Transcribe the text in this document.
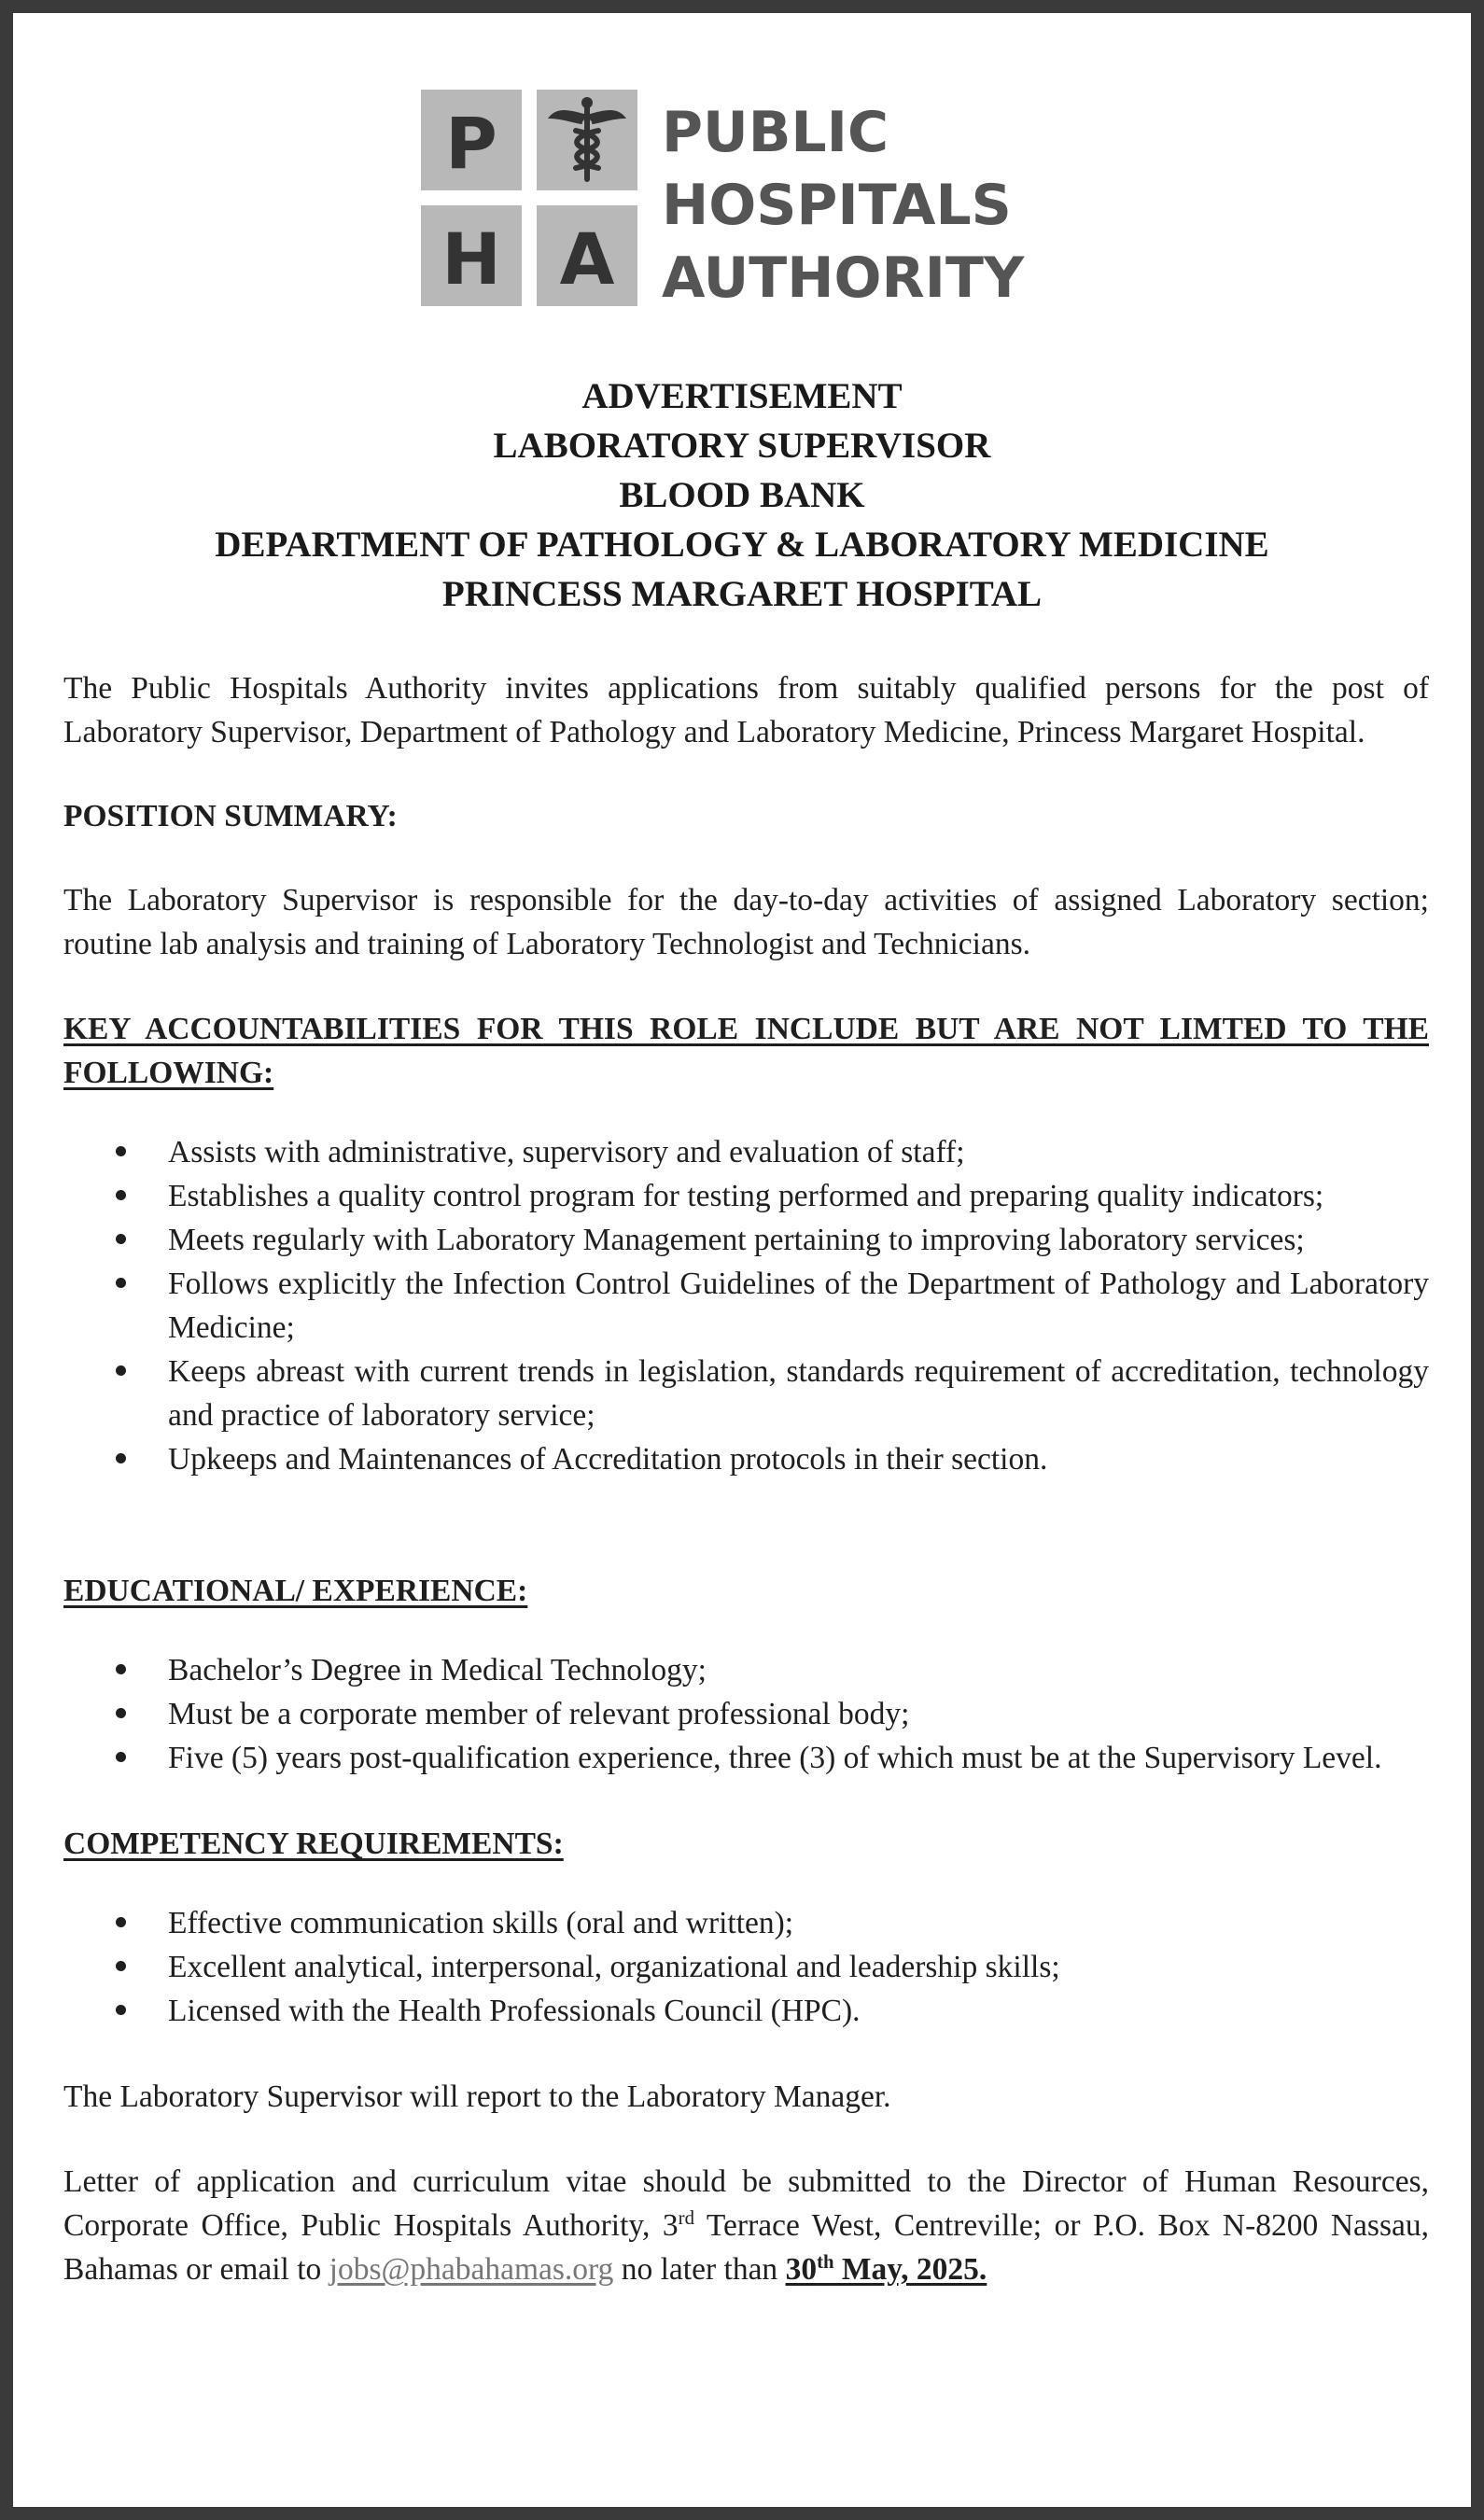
P
H A
PUBLIC
HOSPITALS
AUTHORITY
ADVERTISEMENT
LABORATORY SUPERVISOR
BLOOD BANK
DEPARTMENT OF PATHOLOGY & LABORATORY MEDICINE
PRINCESS MARGARET HOSPITAL

The Public Hospitals Authority invites applications from suitably qualified persons for the post of Laboratory Supervisor, Department of Pathology and Laboratory Medicine, Princess Margaret Hospital.

POSITION SUMMARY:

The Laboratory Supervisor is responsible for the day-to-day activities of assigned Laboratory section; routine lab analysis and training of Laboratory Technologist and Technicians.

KEY ACCOUNTABILITIES FOR THIS ROLE INCLUDE BUT ARE NOT LIMTED TO THE FOLLOWING:

Assists with administrative, supervisory and evaluation of staff;
Establishes a quality control program for testing performed and preparing quality indicators;
Meets regularly with Laboratory Management pertaining to improving laboratory services;
Follows explicitly the Infection Control Guidelines of the Department of Pathology and Laboratory Medicine;
Keeps abreast with current trends in legislation, standards requirement of accreditation, technology and practice of laboratory service;
Upkeeps and Maintenances of Accreditation protocols in their section.

EDUCATIONAL/ EXPERIENCE:

Bachelor’s Degree in Medical Technology;
Must be a corporate member of relevant professional body;
Five (5) years post-qualification experience, three (3) of which must be at the Supervisory Level.

COMPETENCY REQUIREMENTS:

Effective communication skills (oral and written);
Excellent analytical, interpersonal, organizational and leadership skills;
Licensed with the Health Professionals Council (HPC).

The Laboratory Supervisor will report to the Laboratory Manager.

Letter of application and curriculum vitae should be submitted to the Director of Human Resources, Corporate Office, Public Hospitals Authority, 3rd Terrace West, Centreville; or P.O. Box N-8200 Nassau, Bahamas or email to jobs@phabahamas.org no later than 30th May, 2025.
